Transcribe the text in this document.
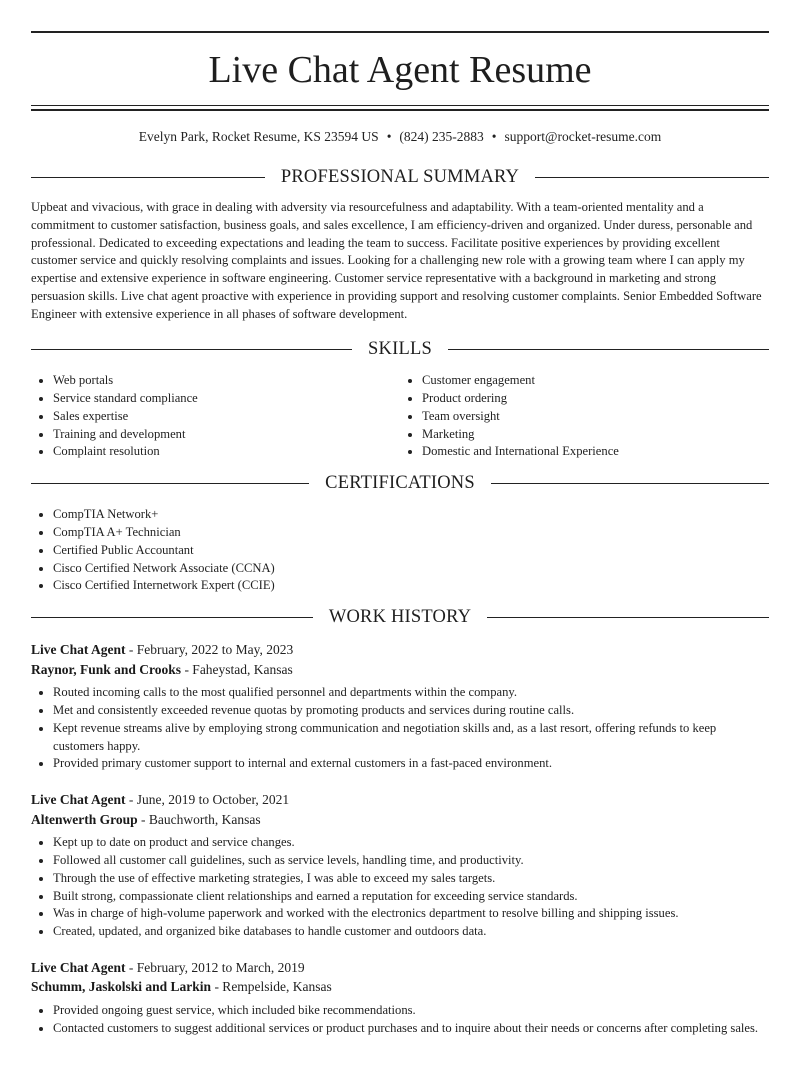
Live Chat Agent Resume
Evelyn Park, Rocket Resume, KS 23594 US • (824) 235-2883 • support@rocket-resume.com
PROFESSIONAL SUMMARY

Upbeat and vivacious, with grace in dealing with adversity via resourcefulness and adaptability. With a team-oriented mentality and a commitment to customer satisfaction, business goals, and sales excellence, I am efficiency-driven and organized. Under duress, personable and professional. Dedicated to exceeding expectations and leading the team to success. Facilitate positive experiences by providing excellent customer service and quickly resolving complaints and issues. Looking for a challenging new role with a growing team where I can apply my expertise and extensive experience in software engineering. Customer service representative with a background in marketing and strong persuasion skills. Live chat agent proactive with experience in providing support and resolving customer complaints. Senior Embedded Software Engineer with extensive experience in all phases of software development.

SKILLS
• Web portals
• Service standard compliance
• Sales expertise
• Training and development
• Complaint resolution
• Customer engagement
• Product ordering
• Team oversight
• Marketing
• Domestic and International Experience
CERTIFICATIONS
• CompTIA Network+
• CompTIA A+ Technician
• Certified Public Accountant
• Cisco Certified Network Associate (CCNA)
• Cisco Certified Internetwork Expert (CCIE)
WORK HISTORY
Live Chat Agent - February, 2022 to May, 2023
Raynor, Funk and Crooks - Faheystad, Kansas
• Routed incoming calls to the most qualified personnel and departments within the company.
• Met and consistently exceeded revenue quotas by promoting products and services during routine calls.
• Kept revenue streams alive by employing strong communication and negotiation skills and, as a last resort, offering refunds to keep customers happy.
• Provided primary customer support to internal and external customers in a fast-paced environment.
Live Chat Agent - June, 2019 to October, 2021
Altenwerth Group - Bauchworth, Kansas
• Kept up to date on product and service changes.
• Followed all customer call guidelines, such as service levels, handling time, and productivity.
• Through the use of effective marketing strategies, I was able to exceed my sales targets.
• Built strong, compassionate client relationships and earned a reputation for exceeding service standards.
• Was in charge of high-volume paperwork and worked with the electronics department to resolve billing and shipping issues.
• Created, updated, and organized bike databases to handle customer and outdoors data.
Live Chat Agent - February, 2012 to March, 2019
Schumm, Jaskolski and Larkin - Rempelside, Kansas
• Provided ongoing guest service, which included bike recommendations.
• Contacted customers to suggest additional services or product purchases and to inquire about their needs or concerns after completing sales.
